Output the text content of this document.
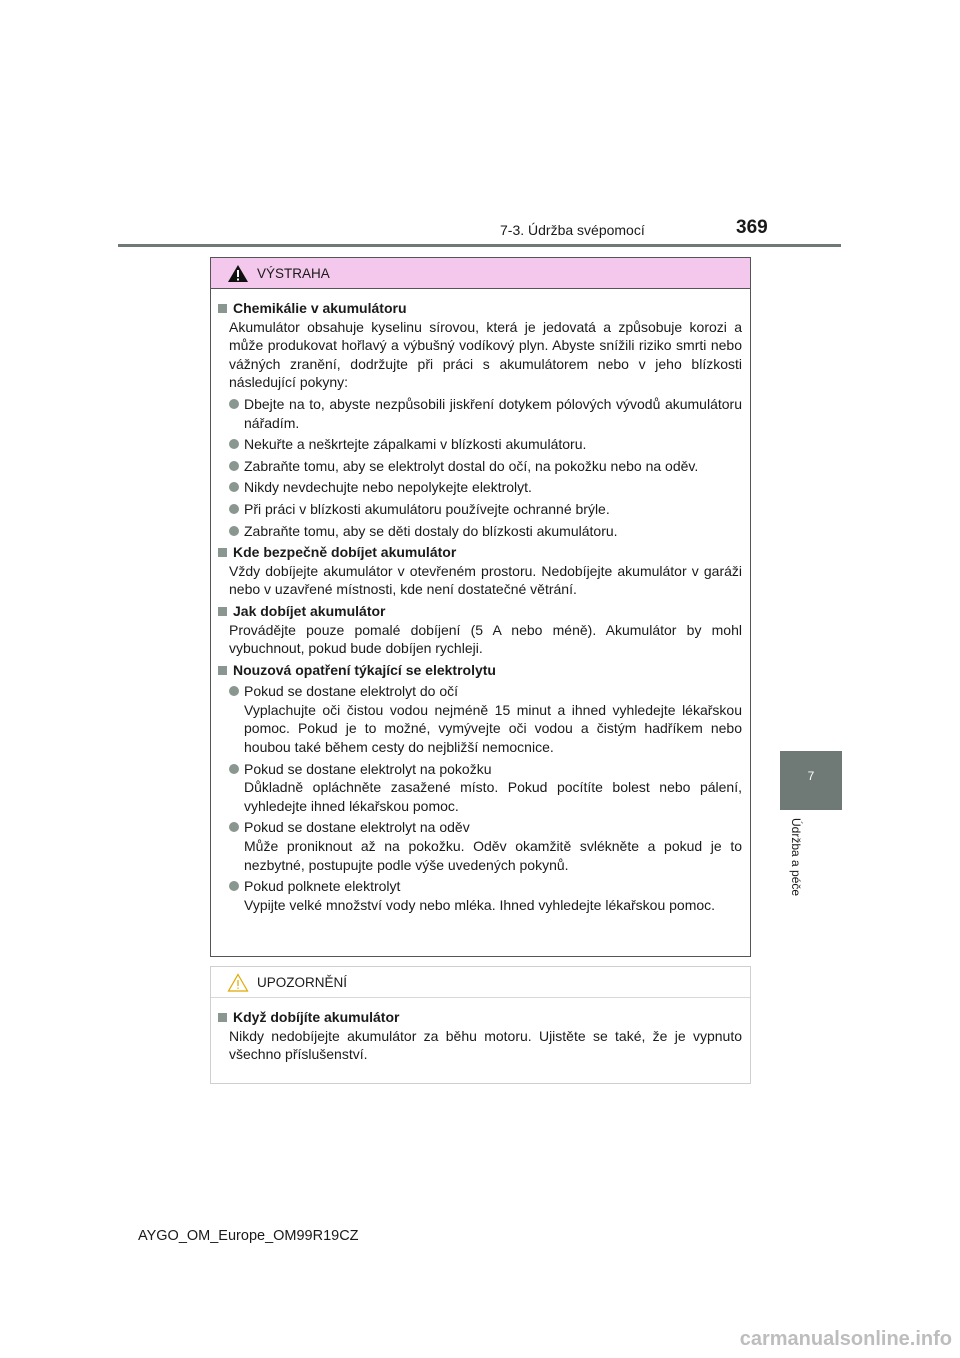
7-3. Údržba svépomocí	369
7
Údržba a péče
VÝSTRAHA
Chemikálie v akumulátoru
Akumulátor obsahuje kyselinu sírovou, která je jedovatá a způsobuje korozi a může produkovat hořlavý a výbušný vodíkový plyn. Abyste snížili riziko smrti nebo vážných zranění, dodržujte při práci s akumulátorem nebo v jeho blízkosti následující pokyny:
Dbejte na to, abyste nezpůsobili jiskření dotykem pólových vývodů akumulátoru nářadím.
Nekuřte a neškrtejte zápalkami v blízkosti akumulátoru.
Zabraňte tomu, aby se elektrolyt dostal do očí, na pokožku nebo na oděv.
Nikdy nevdechujte nebo nepolykejte elektrolyt.
Při práci v blízkosti akumulátoru používejte ochranné brýle.
Zabraňte tomu, aby se děti dostaly do blízkosti akumulátoru.
Kde bezpečně dobíjet akumulátor
Vždy dobíjejte akumulátor v otevřeném prostoru. Nedobíjejte akumulátor v garáži nebo v uzavřené místnosti, kde není dostatečné větrání.
Jak dobíjet akumulátor
Provádějte pouze pomalé dobíjení (5 A nebo méně). Akumulátor by mohl vybuchnout, pokud bude dobíjen rychleji.
Nouzová opatření týkající se elektrolytu
Pokud se dostane elektrolyt do očí
Vyplachujte oči čistou vodou nejméně 15 minut a ihned vyhledejte lékařskou pomoc. Pokud je to možné, vymývejte oči vodou a čistým hadříkem nebo houbou také během cesty do nejbližší nemocnice.
Pokud se dostane elektrolyt na pokožku
Důkladně opláchněte zasažené místo. Pokud pocítíte bolest nebo pálení, vyhledejte ihned lékařskou pomoc.
Pokud se dostane elektrolyt na oděv
Může proniknout až na pokožku. Oděv okamžitě svlékněte a pokud je to nezbytné, postupujte podle výše uvedených pokynů.
Pokud polknete elektrolyt
Vypijte velké množství vody nebo mléka. Ihned vyhledejte lékařskou pomoc.
UPOZORNĚNÍ
Když dobíjíte akumulátor
Nikdy nedobíjejte akumulátor za běhu motoru. Ujistěte se také, že je vypnuto všechno příslušenství.
AYGO_OM_Europe_OM99R19CZ
carmanualsonline.info
